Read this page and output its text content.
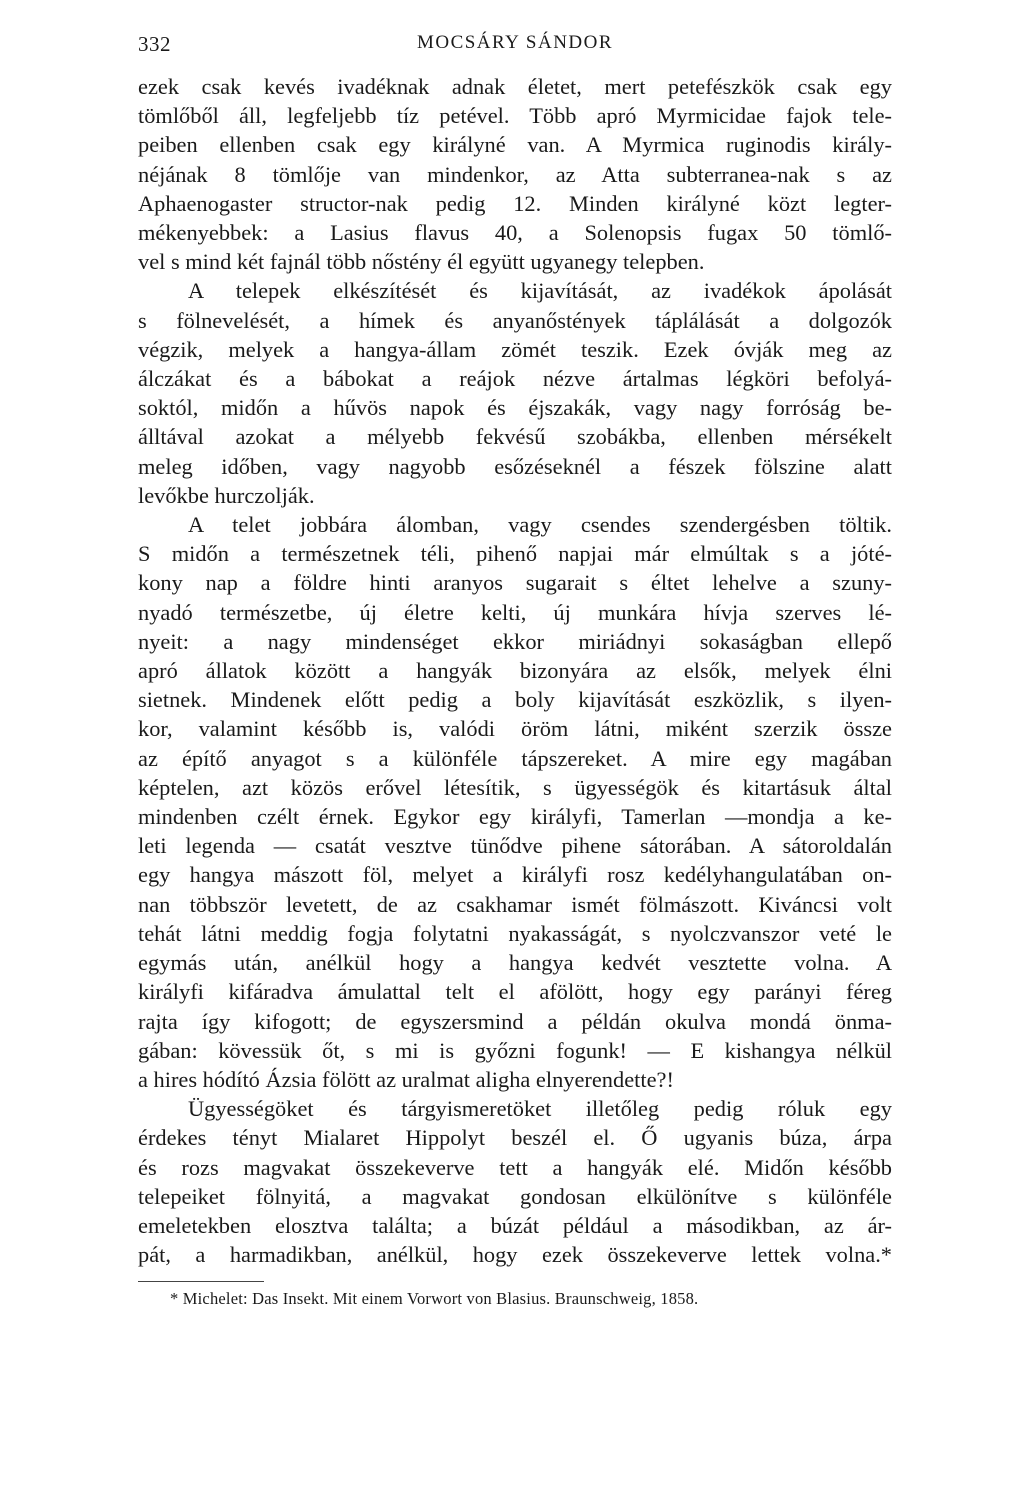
332	MOCSÁRY SÁNDOR

ezek csak kevés ivadéknak adnak életet, mert petefészkök csak egy

tömlőből áll, legfeljebb tíz petével. Több apró Myrmicidae fajok tele-

peiben ellenben csak egy királyné van. A Myrmica ruginodis király-

néjának 8 tömlője van mindenkor, az Atta subterranea-nak s az

Aphaenogaster structor-nak pedig 12. Minden királyné közt legter-

mékenyebbek: a Lasius flavus 40, a Solenopsis fugax 50 tömlő-

vel s mind két fajnál több nőstény él együtt ugyanegy telepben.

A telepek elkészítését és kijavítását, az ivadékok ápolását

s fölnevelését, a hímek és anyanőstények táplálását a dolgozók

végzik, melyek a hangya-állam zömét teszik. Ezek óvják meg az

álczákat és a bábokat a reájok nézve ártalmas légköri befolyá-

soktól, midőn a hűvös napok és éjszakák, vagy nagy forróság be-

álltával azokat a mélyebb fekvésű szobákba, ellenben mérsékelt

meleg időben, vagy nagyobb esőzéseknél a fészek fölszine alatt

levőkbe hurczolják.

A telet jobbára álomban, vagy csendes szendergésben töltik.

S midőn a természetnek téli, pihenő napjai már elmúltak s a jóté-

kony nap a földre hinti aranyos sugarait s éltet lehelve a szuny-

nyadó természetbe, új életre kelti, új munkára hívja szerves lé-

nyeit: a nagy mindenséget ekkor miriádnyi sokaságban ellepő

apró állatok között a hangyák bizonyára az elsők, melyek élni

sietnek. Mindenek előtt pedig a boly kijavítását eszközlik, s ilyen-

kor, valamint később is, valódi öröm látni, miként szerzik össze

az építő anyagot s a különféle tápszereket. A mire egy magában

képtelen, azt közös erővel létesítik, s ügyességök és kitartásuk által

mindenben czélt érnek. Egykor egy királyfi, Tamerlan —mondja a ke-

leti legenda — csatát vesztve tünődve pihene sátorában. A sátoroldalán

egy hangya mászott föl, melyet a királyfi rosz kedélyhangulatában on-

nan többször levetett, de az csakhamar ismét fölmászott. Kiváncsi volt

tehát látni meddig fogja folytatni nyakasságát, s nyolczvanszor veté le

egymás után, anélkül hogy a hangya kedvét vesztette volna. A

királyfi kifáradva ámulattal telt el afölött, hogy egy parányi féreg

rajta így kifogott; de egyszersmind a példán okulva mondá önma-

gában: kövessük őt, s mi is győzni fogunk! — E kishangya nélkül

a hires hódító Ázsia fölött az uralmat aligha elnyerendette?!

Ügyességöket és tárgyismeretöket illetőleg pedig róluk egy

érdekes tényt Mialaret Hippolyt beszél el. Ő ugyanis búza, árpa

és rozs magvakat összekeverve tett a hangyák elé. Midőn később

telepeiket fölnyitá, a magvakat gondosan elkülönítve s különféle

emeletekben elosztva találta; a búzát például a másodikban, az ár-

pát, a harmadikban, anélkül, hogy ezek összekeverve lettek volna.*

* Michelet: Das Insekt. Mit einem Vorwort von Blasius. Braunschweig, 1858.
